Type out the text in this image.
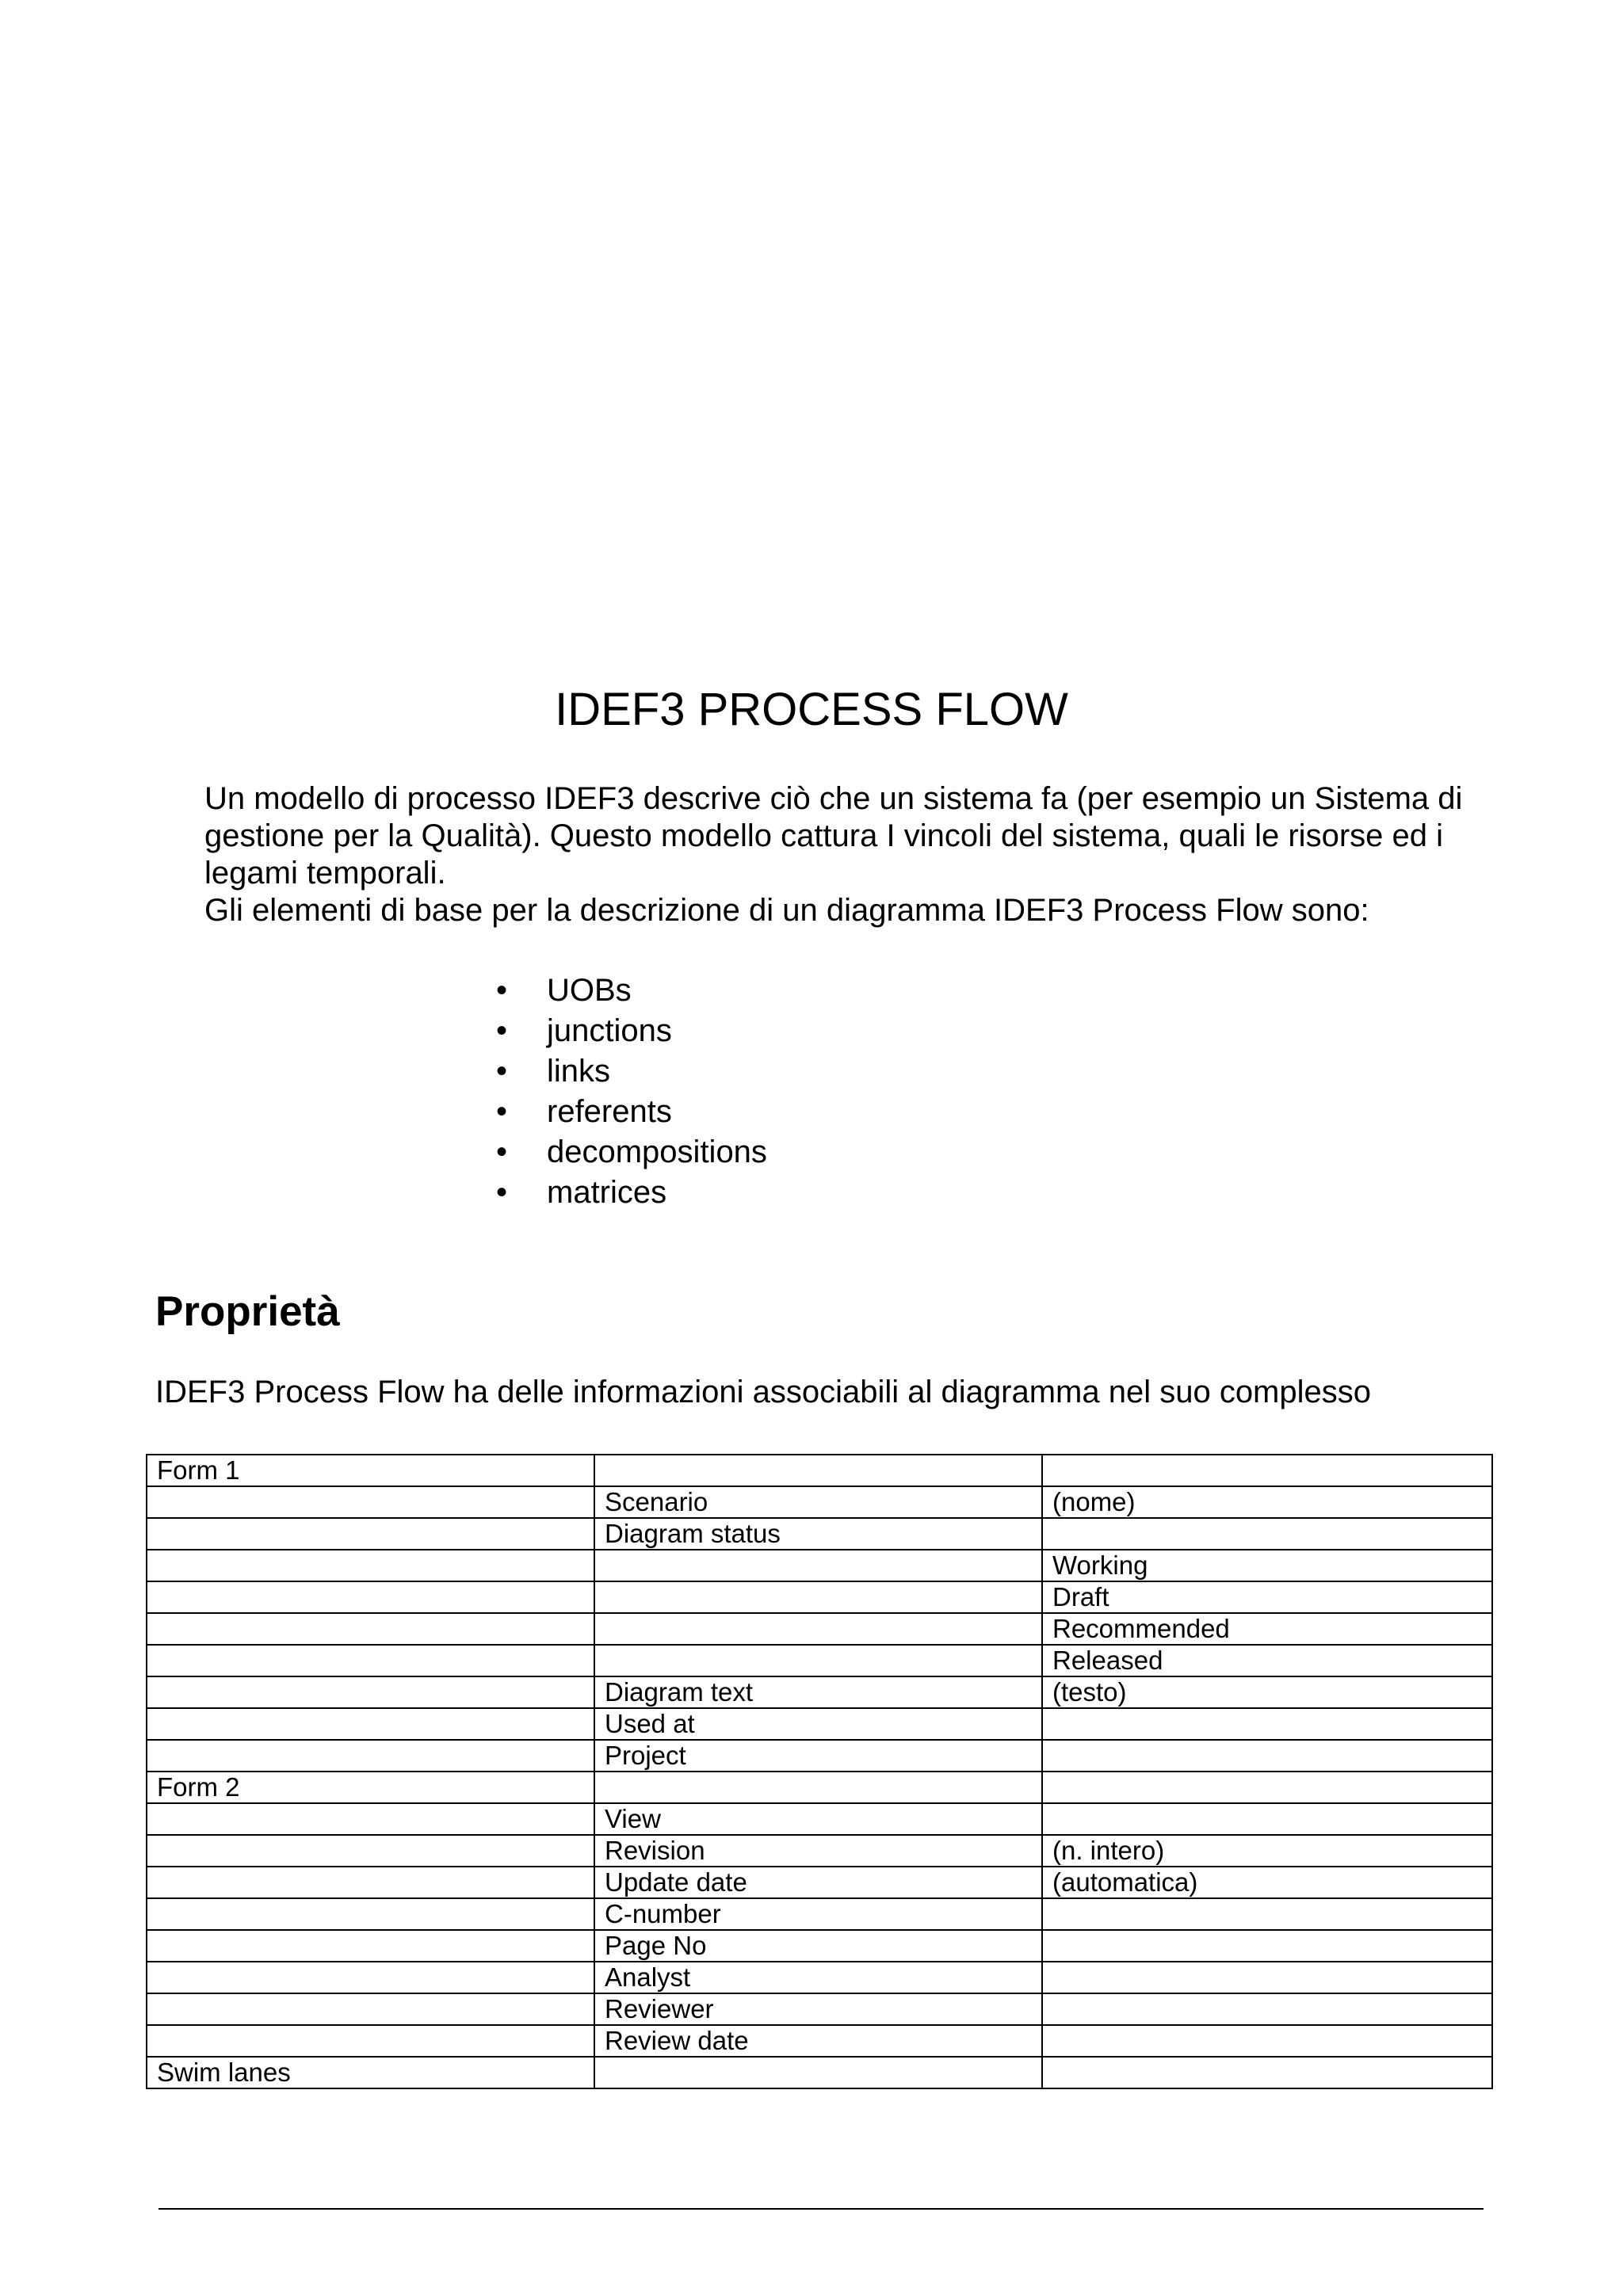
IDEF3 PROCESS FLOW

Un modello di processo IDEF3 descrive ciò che un sistema fa (per esempio un Sistema di gestione per la Qualità). Questo modello cattura I vincoli del sistema, quali le risorse ed i legami temporali.

Gli elementi di base per la descrizione di un diagramma IDEF3 Process Flow sono:

• UOBs
• junctions
• links
• referents
• decompositions
• matrices
Proprietà

IDEF3 Process Flow ha delle informazioni associabili al diagramma nel suo complesso

Form 1		
	Scenario	(nome)
	Diagram status	
		Working
		Draft
		Recommended
		Released
	Diagram text	(testo)
	Used at	
	Project	
Form 2		
	View	
	Revision	(n. intero)
	Update date	(automatica)
	C-number	
	Page No	
	Analyst	
	Reviewer	
	Review date	
Swim lanes		
